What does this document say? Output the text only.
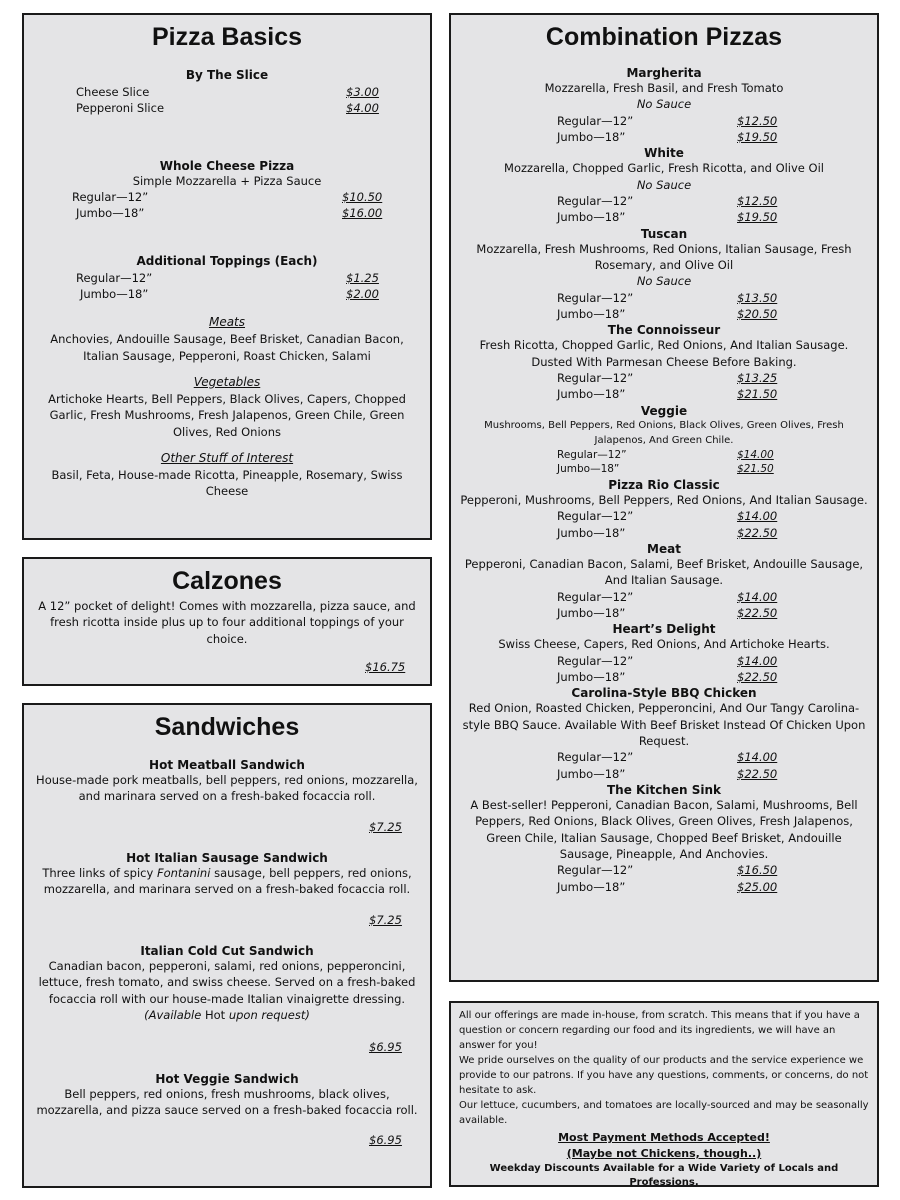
Pizza Basics
By The Slice
Cheese Slice	$3.00
Pepperoni Slice	$4.00
Whole Cheese Pizza
Simple Mozzarella + Pizza Sauce
Regular—12”	$10.50
Jumbo—18”	$16.00
Additional Toppings (Each)
Regular—12”	$1.25
Jumbo—18”	$2.00
Meats
Anchovies, Andouille Sausage, Beef Brisket, Canadian Bacon, Italian Sausage, Pepperoni, Roast Chicken, Salami
Vegetables
Artichoke Hearts, Bell Peppers, Black Olives, Capers, Chopped Garlic, Fresh Mushrooms, Fresh Jalapenos, Green Chile, Green Olives, Red Onions
Other Stuff of Interest
Basil, Feta, House-made Ricotta, Pineapple, Rosemary, Swiss Cheese
Calzones
A 12” pocket of delight! Comes with mozzarella, pizza sauce, and fresh ricotta inside plus up to four additional toppings of your choice.
$16.75
Sandwiches
Hot Meatball Sandwich
House-made pork meatballs, bell peppers, red onions, mozzarella, and marinara served on a fresh-baked focaccia roll.
$7.25
Hot Italian Sausage Sandwich
Three links of spicy Fontanini sausage, bell peppers, red onions, mozzarella, and marinara served on a fresh-baked focaccia roll.
$7.25
Italian Cold Cut Sandwich
Canadian bacon, pepperoni, salami, red onions, pepperoncini, lettuce, fresh tomato, and swiss cheese. Served on a fresh-baked focaccia roll with our house-made Italian vinaigrette dressing.
(Available Hot upon request)
$6.95
Hot Veggie Sandwich
Bell peppers, red onions, fresh mushrooms, black olives, mozzarella, and pizza sauce served on a fresh-baked focaccia roll.
$6.95
Combination Pizzas
Margherita
Mozzarella, Fresh Basil, and Fresh Tomato
No Sauce
Regular—12”	$12.50
Jumbo—18”	$19.50
White
Mozzarella, Chopped Garlic, Fresh Ricotta, and Olive Oil
No Sauce
Regular—12”	$12.50
Jumbo—18”	$19.50
Tuscan
Mozzarella, Fresh Mushrooms, Red Onions, Italian Sausage, Fresh Rosemary, and Olive Oil
No Sauce
Regular—12”	$13.50
Jumbo—18”	$20.50
The Connoisseur
Fresh Ricotta, Chopped Garlic, Red Onions, And Italian Sausage. Dusted With Parmesan Cheese Before Baking.
Regular—12”	$13.25
Jumbo—18”	$21.50
Veggie
Mushrooms, Bell Peppers, Red Onions, Black Olives, Green Olives, Fresh Jalapenos, And Green Chile.
Regular—12”	$14.00
Jumbo—18”	$21.50
Pizza Rio Classic
Pepperoni, Mushrooms, Bell Peppers, Red Onions, And Italian Sausage.
Regular—12”	$14.00
Jumbo—18”	$22.50
Meat
Pepperoni, Canadian Bacon, Salami, Beef Brisket, Andouille Sausage, And Italian Sausage.
Regular—12”	$14.00
Jumbo—18”	$22.50
Heart’s Delight
Swiss Cheese, Capers, Red Onions, And Artichoke Hearts.
Regular—12”	$14.00
Jumbo—18”	$22.50
Carolina-Style BBQ Chicken
Red Onion, Roasted Chicken, Pepperoncini, And Our Tangy Carolina-style BBQ Sauce. Available With Beef Brisket Instead Of Chicken Upon Request.
Regular—12”	$14.00
Jumbo—18”	$22.50
The Kitchen Sink
A Best-seller! Pepperoni, Canadian Bacon, Salami, Mushrooms, Bell Peppers, Red Onions, Black Olives, Green Olives, Fresh Jalapenos, Green Chile, Italian Sausage, Chopped Beef Brisket, Andouille Sausage, Pineapple, And Anchovies.
Regular—12”	$16.50
Jumbo—18”	$25.00

All our offerings are made in-house, from scratch. This means that if you have a question or concern regarding our food and its ingredients, we will have an answer for you!

We pride ourselves on the quality of our products and the service experience we provide to our patrons. If you have any questions, comments, or concerns, do not hesitate to ask.

Our lettuce, cucumbers, and tomatoes are locally-sourced and may be seasonally available.

Most Payment Methods Accepted!
(Maybe not Chickens, though..)
Weekday Discounts Available for a Wide Variety of Locals and Professions.
